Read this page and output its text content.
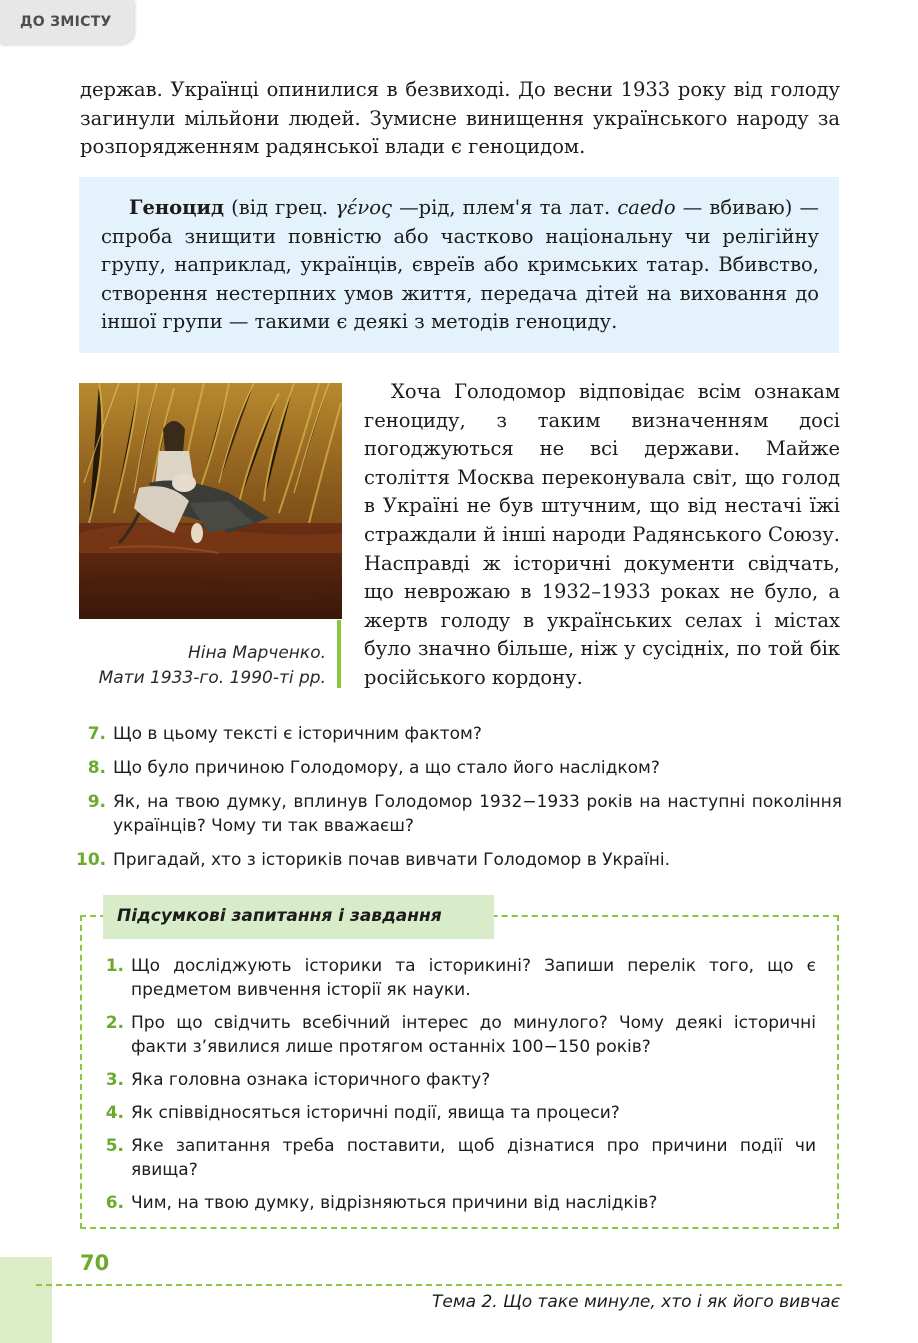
ДО ЗМІСТУ

держав. Українці опинилися в безвиході. До весни 1933 року від голоду загинули мільйони людей. Зумисне винищення українського народу за розпорядженням радянської влади є геноцидом.

Геноцид (від грец. γένος —рід, плем'я та лат. caedo — вбиваю) — спроба знищити повністю або частково національну чи релігійну групу, наприклад, українців, євреїв або кримських татар. Вбивство, створення нестерпних умов життя, передача дітей на виховання до іншої групи — такими є деякі з методів геноциду.

Ніна Марченко.
Мати 1933-го. 1990-ті рр.

Хоча Голодомор відповідає всім ознакам геноциду, з таким визначенням досі погоджуються не всі держави. Майже століття Москва переконувала світ, що голод в Україні не був штучним, що від нестачі їжі страждали й інші народи Радянського Союзу. Насправді ж історичні документи свідчать, що неврожаю в 1932–1933 роках не було, а жертв голоду в українських селах і містах було значно більше, ніж у сусідніх, по той бік російського кордону.

7. Що в цьому тексті є історичним фактом?
8. Що було причиною Голодомору, а що стало його наслідком?
9. Як, на твою думку, вплинув Голодомор 1932−1933 років на наступні покоління українців? Чому ти так вважаєш?
10. Пригадай, хто з істориків почав вивчати Голодомор в Україні.
Підсумкові запитання і завдання
1. Що досліджують історики та історикині? Запиши перелік того, що є предметом вивчення історії як науки.
2. Про що свідчить всебічний інтерес до минулого? Чому деякі історичні факти з’явилися лише протягом останніх 100−150 років?
3. Яка головна ознака історичного факту?
4. Як співвідносяться історичні події, явища та процеси?
5. Яке запитання треба поставити, щоб дізнатися про причини події чи явища?
6. Чим, на твою думку, відрізняються причини від наслідків?
70
Тема 2. Що таке минуле, хто і як його вивчає
